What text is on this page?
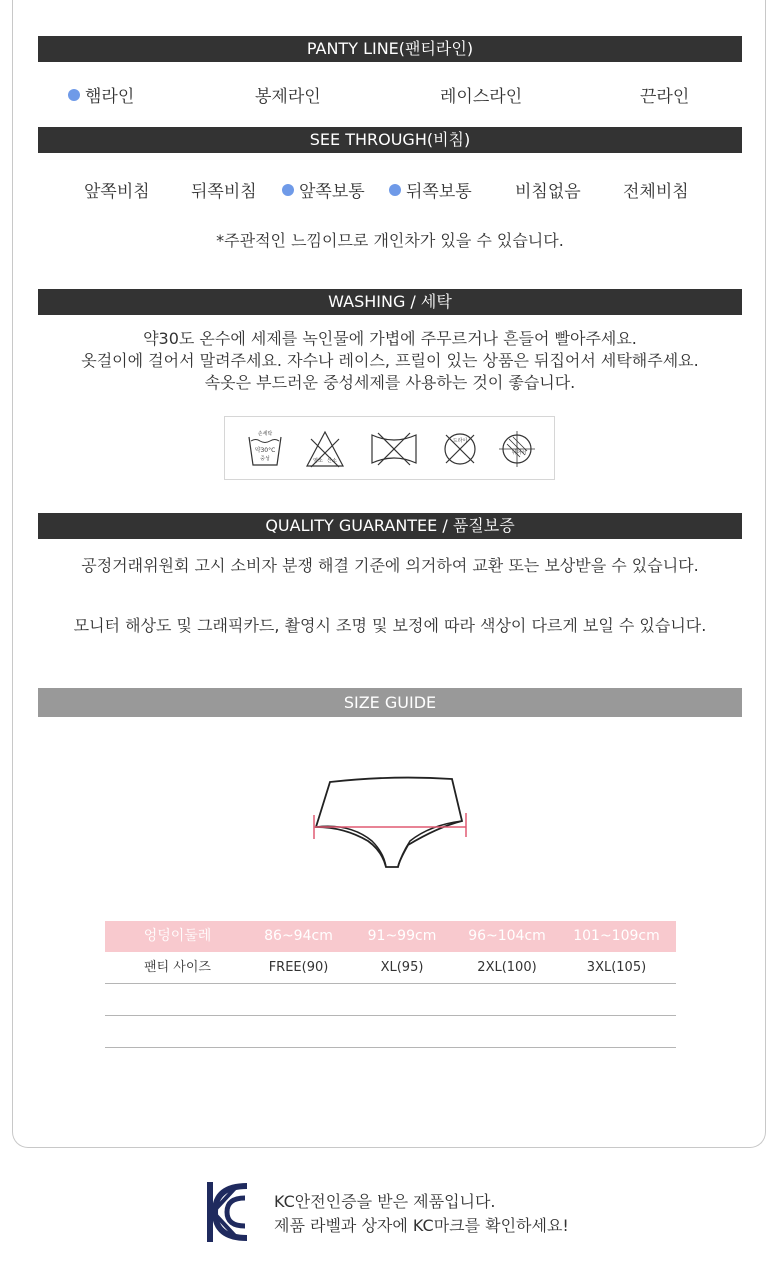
PANTY LINE(팬티라인)
햄라인	봉제라인	레이스라인	끈라인
SEE THROUGH(비침)
앞쪽비침 뒤쪽비침	앞쪽보통	뒤쪽보통	비침없음 전체비침
*주관적인 느낌이므로 개인차가 있을 수 있습니다.
WASHING / 세탁
약30도 온수에 세제를 녹인물에 가볍에 주무르거나 흔들어 빨아주세요.
옷걸이에 걸어서 말려주세요. 자수나 레이스, 프릴이 있는 상품은 뒤집어서 세탁해주세요.
속옷은 부드러운 중성세제를 사용하는 것이 좋습니다.
손세탁
약30°C
중성	염소 산소
드라이
뉘어서
QUALITY GUARANTEE / 품질보증
공정거래위원회 고시 소비자 분쟁 해결 기준에 의거하여 교환 또는 보상받을 수 있습니다.
모니터 해상도 및 그래픽카드, 촬영시 조명 및 보정에 따라 색상이 다르게 보일 수 있습니다.
SIZE GUIDE
엉덩이둘레	86~94cm	91~99cm	96~104cm	101~109cm
팬티 사이즈	FREE(90)	XL(95)	2XL(100)	3XL(105)
KC안전인증을 받은 제품입니다.
제품 라벨과 상자에 KC마크를 확인하세요!
